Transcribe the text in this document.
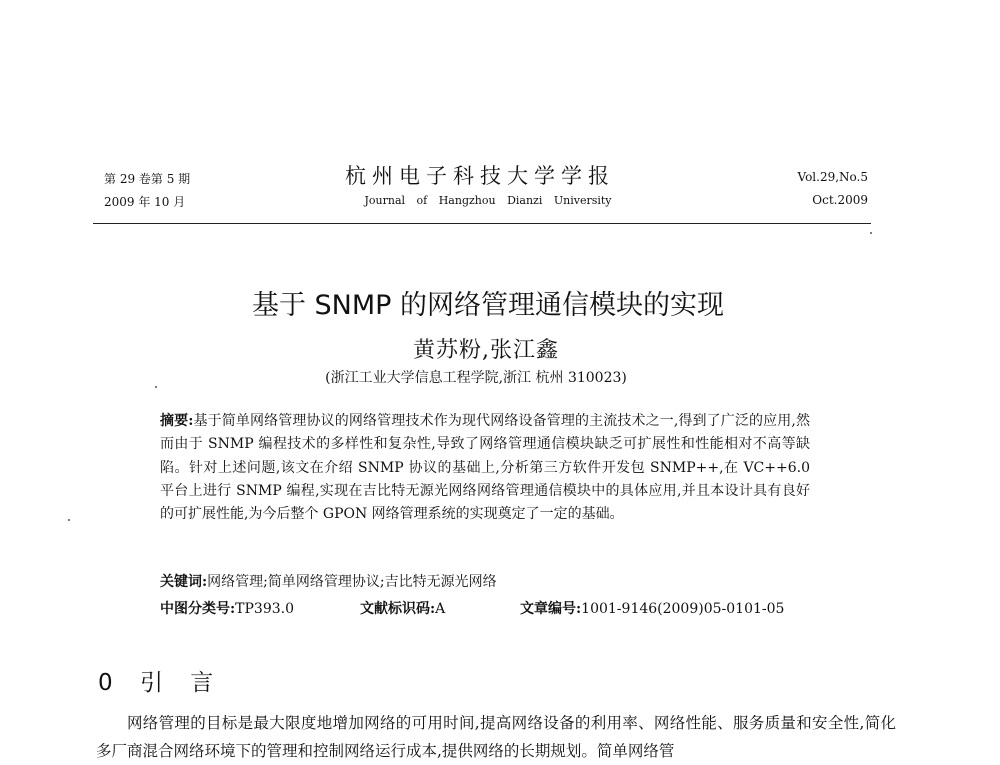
第 29 卷第 5 期
2009 年 10 月
杭州电子科技大学学报
Journal of Hangzhou Dianzi University
Vol.29,No.5
Oct.2009
基于 SNMP 的网络管理通信模块的实现
黄苏粉,张江鑫
(浙江工业大学信息工程学院,浙江 杭州 310023)
摘要:基于简单网络管理协议的网络管理技术作为现代网络设备管理的主流技术之一,得到了广泛的应用,然而由于 SNMP 编程技术的多样性和复杂性,导致了网络管理通信模块缺乏可扩展性和性能相对不高等缺陷。针对上述问题,该文在介绍 SNMP 协议的基础上,分析第三方软件开发包 SNMP++,在 VC++6.0 平台上进行 SNMP 编程,实现在吉比特无源光网络网络管理通信模块中的具体应用,并且本设计具有良好的可扩展性能,为今后整个 GPON 网络管理系统的实现奠定了一定的基础。
关键词:网络管理;简单网络管理协议;吉比特无源光网络
中图分类号:TP393.0	文献标识码:A	文章编号:1001-9146(2009)05-0101-05
0 引 言
网络管理的目标是最大限度地增加网络的可用时间,提高网络设备的利用率、网络性能、服务质量和安全性,简化多厂商混合网络环境下的管理和控制网络运行成本,提供网络的长期规划。简单网络管
